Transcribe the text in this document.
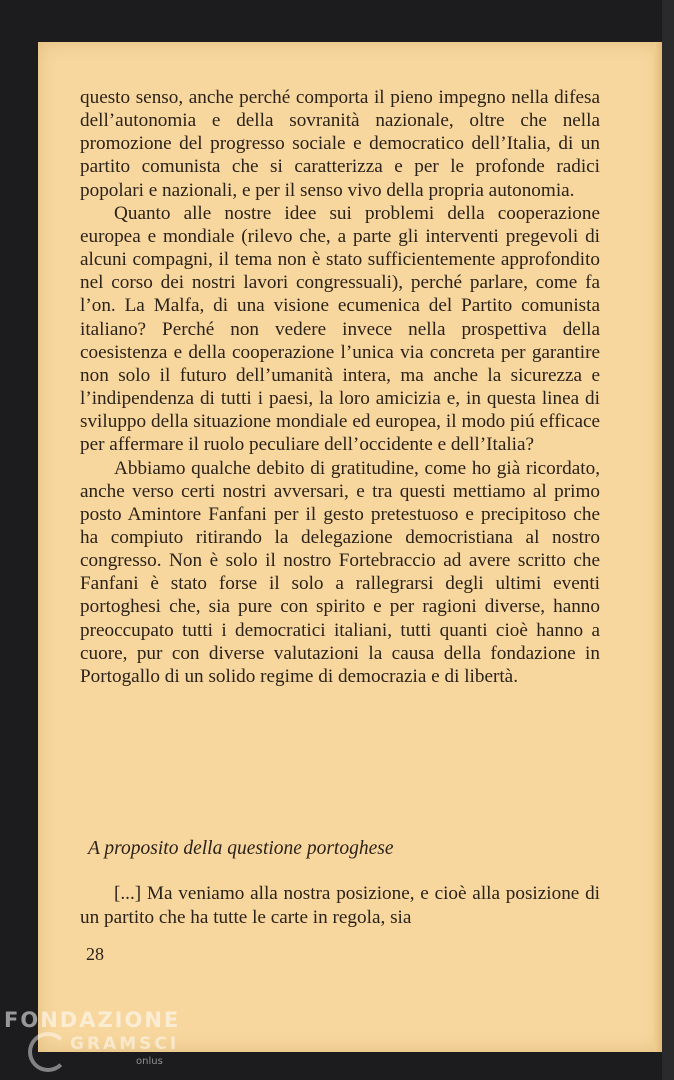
questo senso, anche perché comporta il pieno impegno nella difesa dell’autonomia e della sovranità nazionale, oltre che nella promozione del progresso sociale e democratico dell’Italia, di un partito comunista che si caratterizza e per le profonde radici popolari e nazionali, e per il senso vivo della propria autonomia.

Quanto alle nostre idee sui problemi della cooperazione europea e mondiale (rilevo che, a parte gli interventi pregevoli di alcuni compagni, il tema non è stato sufficientemente approfondito nel corso dei nostri lavori congressuali), perché parlare, come fa l’on. La Malfa, di una visione ecumenica del Partito comunista italiano? Perché non vedere invece nella prospettiva della coesistenza e della cooperazione l’unica via concreta per garantire non solo il futuro dell’umanità intera, ma anche la sicurezza e l’indipendenza di tutti i paesi, la loro amicizia e, in questa linea di sviluppo della situazione mondiale ed europea, il modo piú efficace per affermare il ruolo peculiare dell’occidente e dell’Italia?

Abbiamo qualche debito di gratitudine, come ho già ricordato, anche verso certi nostri avversari, e tra questi mettiamo al primo posto Amintore Fanfani per il gesto pretestuoso e precipitoso che ha compiuto ritirando la delegazione democristiana al nostro congresso. Non è solo il nostro Fortebraccio ad avere scritto che Fanfani è stato forse il solo a rallegrarsi degli ultimi eventi portoghesi che, sia pure con spirito e per ragioni diverse, hanno preoccupato tutti i democratici italiani, tutti quanti cioè hanno a cuore, pur con diverse valutazioni la causa della fondazione in Portogallo di un solido regime di democrazia e di libertà.

A proposito della questione portoghese

[...] Ma veniamo alla nostra posizione, e cioè alla posizione di un partito che ha tutte le carte in regola, sia

28
FONDAZIONE
GRAMSCI
onlus
